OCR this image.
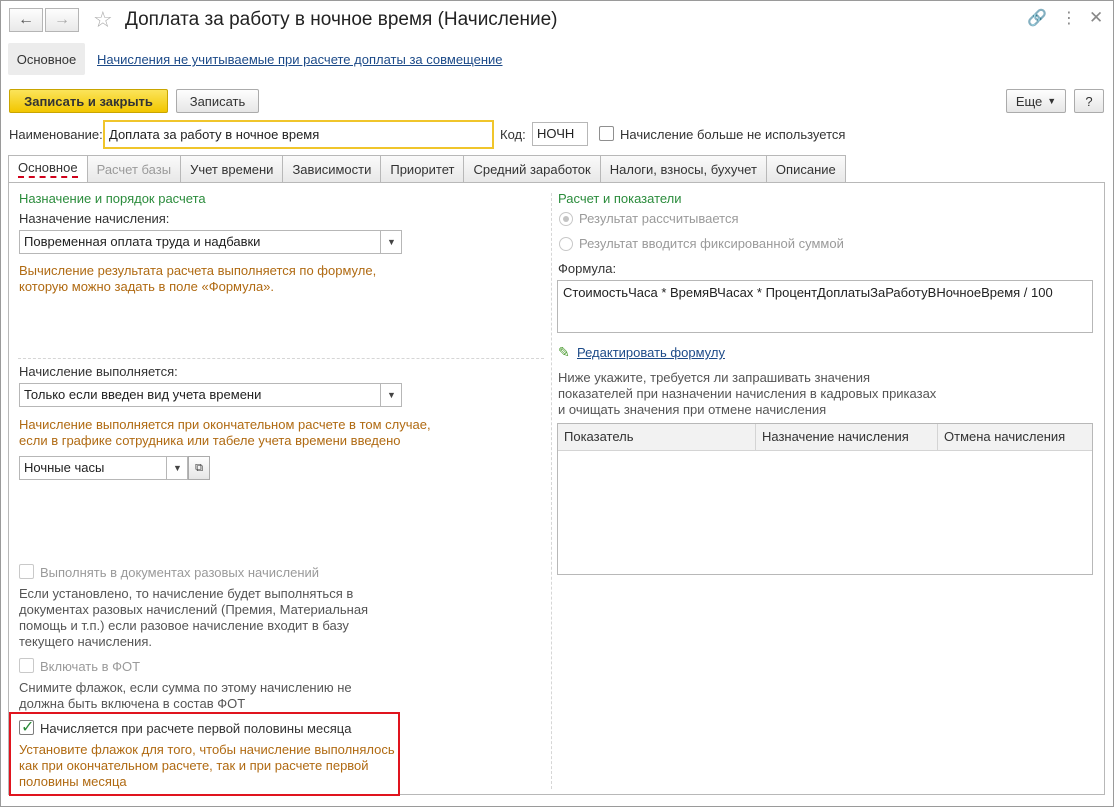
← → ☆ Доплата за работу в ночное время (Начисление)	🔗 ⋮ ✕
Основное	Начисления не учитываемые при расчете доплаты за совмещение
Записать и закрыть	Записать	Еще ▼	?
Наименование: Доплата за работу в ночное время	Код: НОЧН	Начисление больше не используется
Основное	Расчет базы	Учет времени	Зависимости	Приоритет	Средний заработок	Налоги, взносы, бухучет	Описание
Назначение и порядок расчета
Назначение начисления:
Повременная оплата труда и надбавки	▼
Вычисление результата расчета выполняется по формуле,
которую можно задать в поле «Формула».
Начисление выполняется:
Только если введен вид учета времени	▼
Начисление выполняется при окончательном расчете в том случае,
если в графике сотрудника или табеле учета времени введено
Ночные часы	▼	⧉
Выполнять в документах разовых начислений
Если установлено, то начисление будет выполняться в
документах разовых начислений (Премия, Материальная
помощь и т.п.) если разовое начисление входит в базу
текущего начисления.
Включать в ФОТ
Снимите флажок, если сумма по этому начислению не
должна быть включена в состав ФОТ
✓ Начисляется при расчете первой половины месяца
Установите флажок для того, чтобы начисление выполнялось
как при окончательном расчете, так и при расчете первой
половины месяца
Расчет и показатели
Результат рассчитывается
Результат вводится фиксированной суммой
Формула:
СтоимостьЧаса * ВремяВЧасах * ПроцентДоплатыЗаРаботуВНочноеВремя / 100
✎ Редактировать формулу
Ниже укажите, требуется ли запрашивать значения
показателей при назначении начисления в кадровых приказах
и очищать значения при отмене начисления
Показатель	Назначение начисления	Отмена начисления
